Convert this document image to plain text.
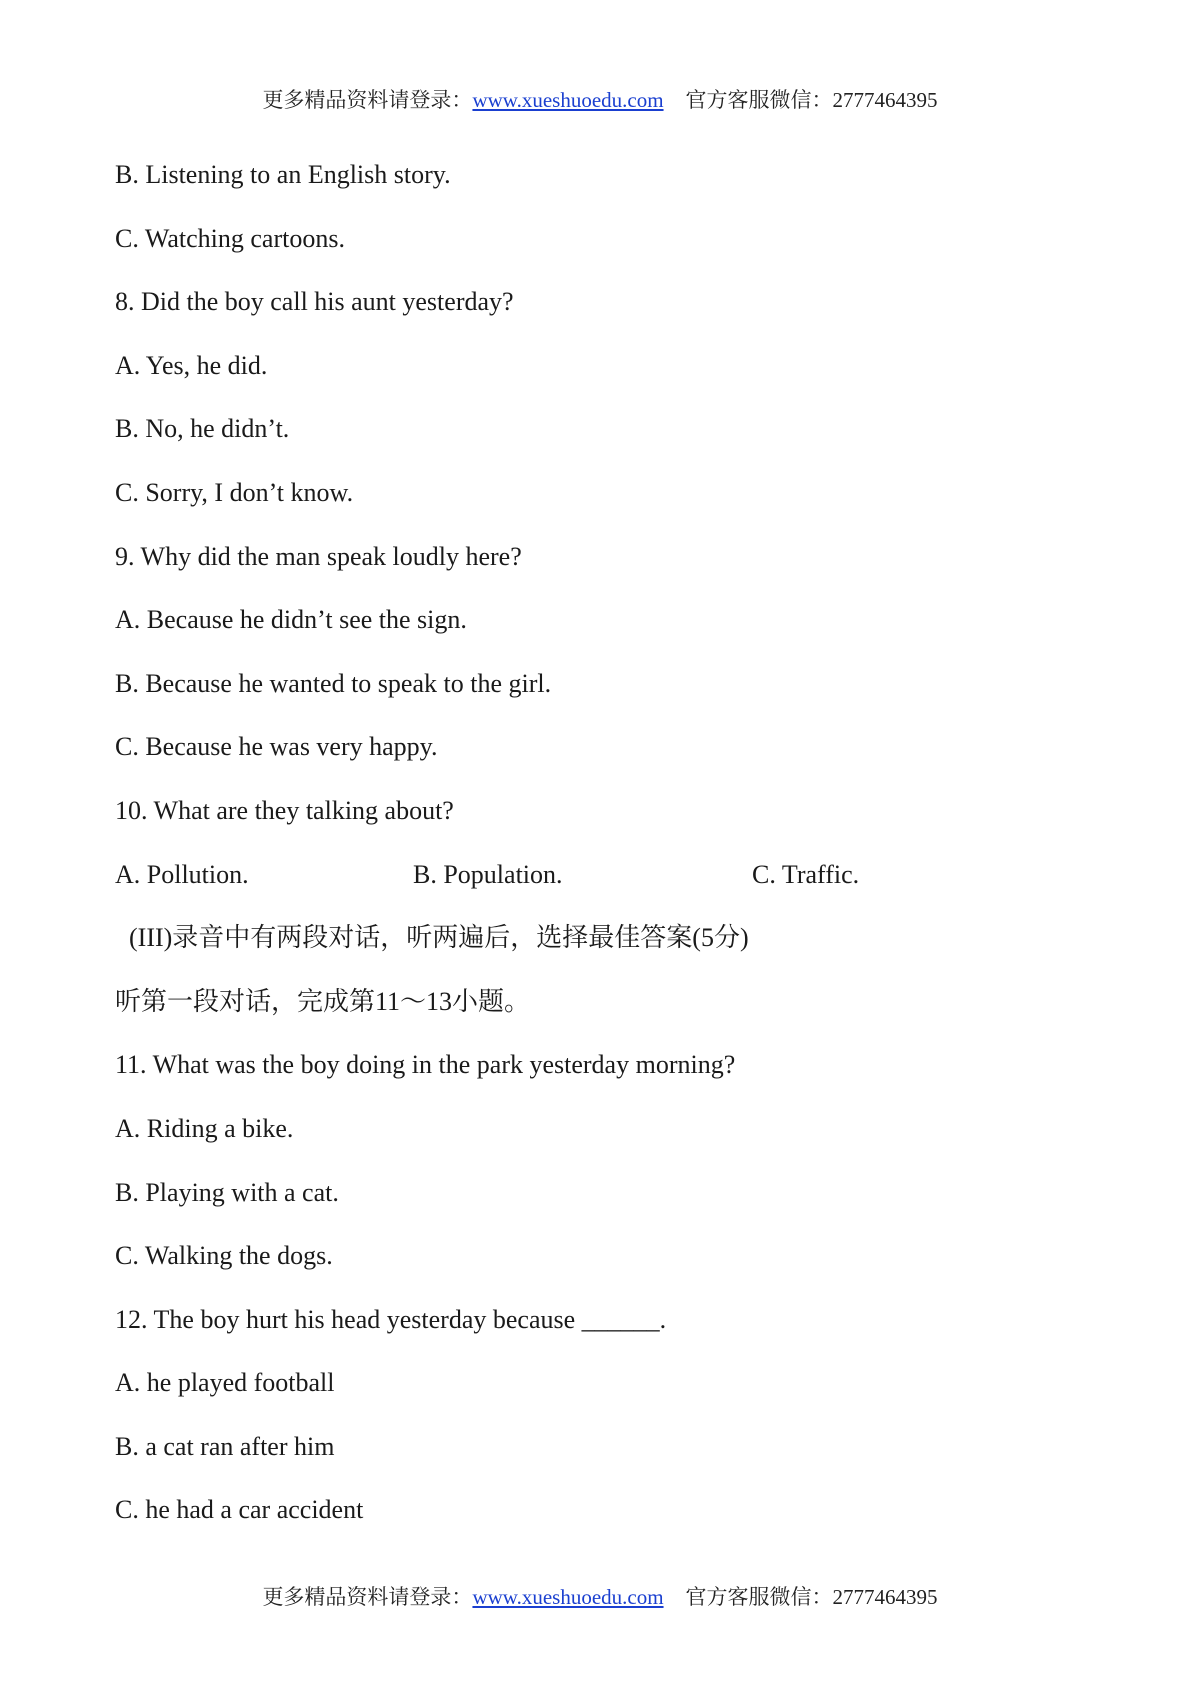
更多精品资料请登录：www.xueshuoedu.com 官方客服微信：2777464395
B. Listening to an English story.
C. Watching cartoons.
8. Did the boy call his aunt yesterday?
A. Yes, he did.
B. No, he didn’t.
C. Sorry, I don’t know.
9. Why did the man speak loudly here?
A. Because he didn’t see the sign.
B. Because he wanted to speak to the girl.
C. Because he was very happy.
10. What are they talking about?
A. Pollution.	B. Population.	C. Traffic.
(III)录音中有两段对话，听两遍后，选择最佳答案(5分)
听第一段对话，完成第11～13小题。
11. What was the boy doing in the park yesterday morning?
A. Riding a bike.
B. Playing with a cat.
C. Walking the dogs.
12. The boy hurt his head yesterday because ______.
A. he played football
B. a cat ran after him
C. he had a car accident
更多精品资料请登录：www.xueshuoedu.com 官方客服微信：2777464395
